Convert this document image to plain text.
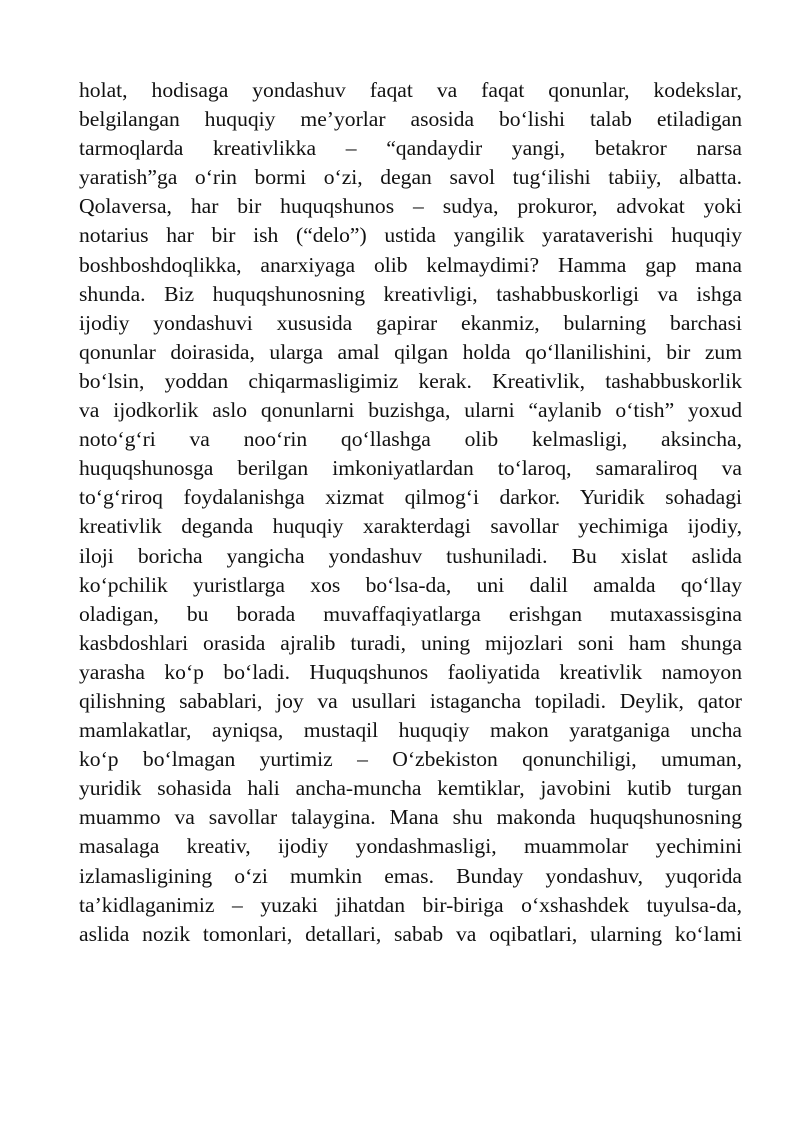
holat, hodisaga yondashuv faqat va faqat qonunlar, kodekslar,
belgilangan huquqiy me’yorlar asosida bo‘lishi talab etiladigan
tarmoqlarda kreativlikka – “qandaydir yangi, betakror narsa
yaratish”ga o‘rin bormi o‘zi, degan savol tug‘ilishi tabiiy, albatta.
Qolaversa, har bir huquqshunos – sudya, prokuror, advokat yoki
notarius har bir ish (“delo”) ustida yangilik yarataverishi huquqiy
boshboshdoqlikka, anarxiyaga olib kelmaydimi? Hamma gap mana
shunda. Biz huquqshunosning kreativligi, tashabbuskorligi va ishga
ijodiy yondashuvi xususida gapirar ekanmiz, bularning barchasi
qonunlar doirasida, ularga amal qilgan holda qo‘llanilishini, bir zum
bo‘lsin, yoddan chiqarmasligimiz kerak. Kreativlik, tashabbuskorlik
va ijodkorlik aslo qonunlarni buzishga, ularni “aylanib o‘tish” yoxud
noto‘g‘ri va noo‘rin qo‘llashga olib kelmasligi, aksincha,
huquqshunosga berilgan imkoniyatlardan to‘laroq, samaraliroq va
to‘g‘riroq foydalanishga xizmat qilmog‘i darkor. Yuridik sohadagi
kreativlik deganda huquqiy xarakterdagi savollar yechimiga ijodiy,
iloji boricha yangicha yondashuv tushuniladi. Bu xislat aslida
ko‘pchilik yuristlarga xos bo‘lsa-da, uni dalil amalda qo‘llay
oladigan, bu borada muvaffaqiyatlarga erishgan mutaxassisgina
kasbdoshlari orasida ajralib turadi, uning mijozlari soni ham shunga
yarasha ko‘p bo‘ladi. Huquqshunos faoliyatida kreativlik namoyon
qilishning sabablari, joy va usullari istagancha topiladi. Deylik, qator
mamlakatlar, ayniqsa, mustaqil huquqiy makon yaratganiga uncha
ko‘p bo‘lmagan yurtimiz – O‘zbekiston qonunchiligi, umuman,
yuridik sohasida hali ancha-muncha kemtiklar, javobini kutib turgan
muammo va savollar talaygina. Mana shu makonda huquqshunosning
masalaga kreativ, ijodiy yondashmasligi, muammolar yechimini
izlamasligining o‘zi mumkin emas. Bunday yondashuv, yuqorida
ta’kidlaganimiz – yuzaki jihatdan bir-biriga o‘xshashdek tuyulsa-da,
aslida nozik tomonlari, detallari, sabab va oqibatlari, ularning ko‘lami
